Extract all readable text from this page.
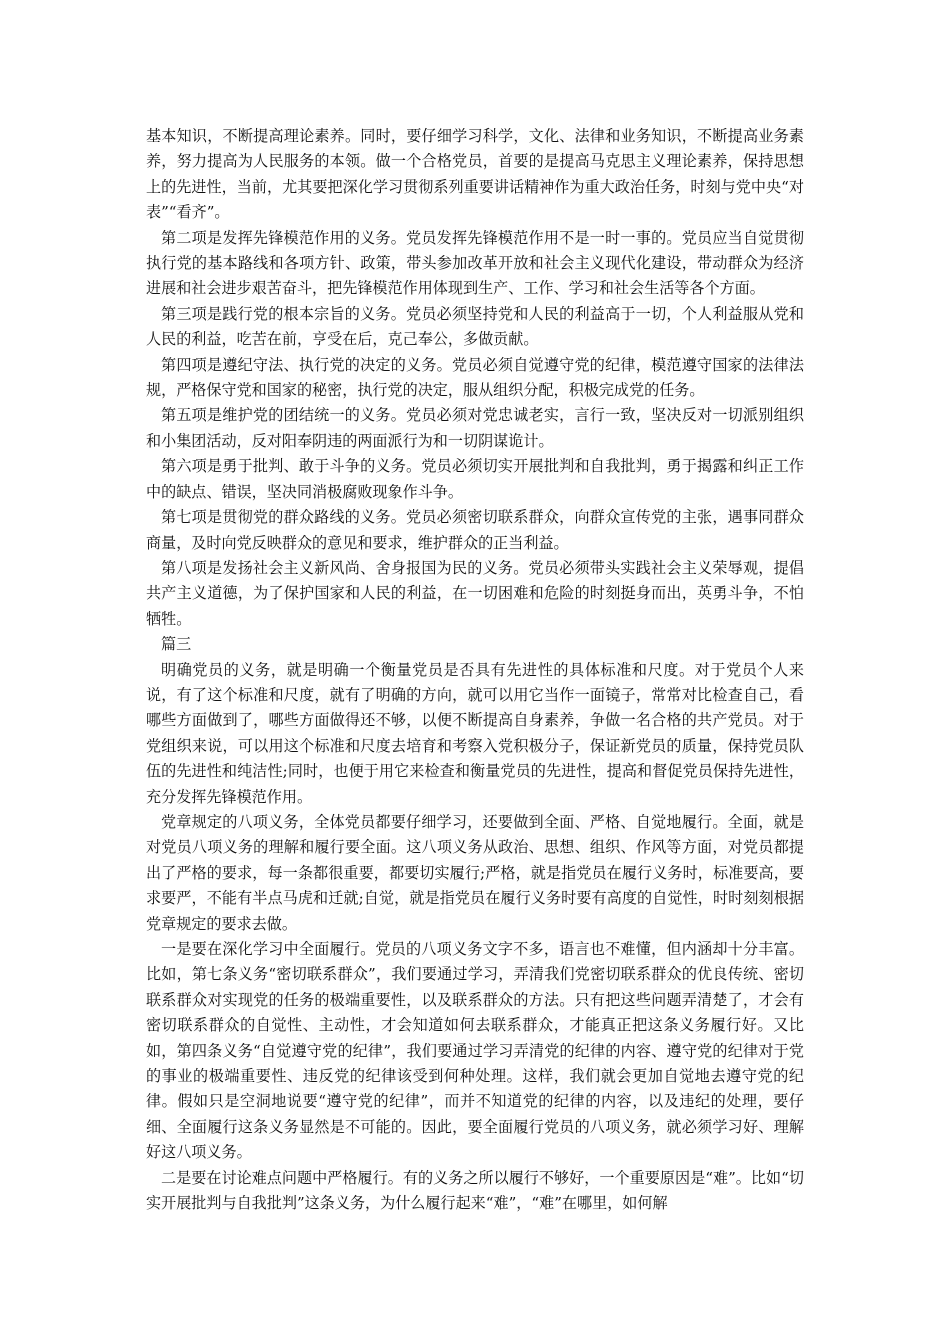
基本知识，不断提高理论素养。同时，要仔细学习科学，文化、法律和业务知识，不断提高业务素养，努力提高为人民服务的本领。做一个合格党员，首要的是提高马克思主义理论素养，保持思想上的先进性，当前，尤其要把深化学习贯彻系列重要讲话精神作为重大政治任务，时刻与党中央“对表”“看齐”。

第二项是发挥先锋模范作用的义务。党员发挥先锋模范作用不是一时一事的。党员应当自觉贯彻执行党的基本路线和各项方针、政策，带头参加改革开放和社会主义现代化建设，带动群众为经济进展和社会进步艰苦奋斗，把先锋模范作用体现到生产、工作、学习和社会生活等各个方面。

第三项是践行党的根本宗旨的义务。党员必须坚持党和人民的利益高于一切，个人利益服从党和人民的利益，吃苦在前，亨受在后，克己奉公，多做贡献。

第四项是遵纪守法、执行党的决定的义务。党员必须自觉遵守党的纪律，模范遵守国家的法律法规，严格保守党和国家的秘密，执行党的决定，服从组织分配，积极完成党的任务。

第五项是维护党的团结统一的义务。党员必须对党忠诚老实，言行一致，坚决反对一切派别组织和小集团活动，反对阳奉阴违的两面派行为和一切阴谋诡计。

第六项是勇于批判、敢于斗争的义务。党员必须切实开展批判和自我批判，勇于揭露和纠正工作中的缺点、错误，坚决同消极腐败现象作斗争。

第七项是贯彻党的群众路线的义务。党员必须密切联系群众，向群众宣传党的主张，遇事同群众商量，及时向党反映群众的意见和要求，维护群众的正当利益。

第八项是发扬社会主义新风尚、舍身报国为民的义务。党员必须带头实践社会主义荣辱观，提倡共产主义道德，为了保护国家和人民的利益，在一切困难和危险的时刻挺身而出，英勇斗争，不怕牺牲。

篇三

明确党员的义务，就是明确一个衡量党员是否具有先进性的具体标准和尺度。对于党员个人来说，有了这个标准和尺度，就有了明确的方向，就可以用它当作一面镜子，常常对比检查自己，看哪些方面做到了，哪些方面做得还不够，以便不断提高自身素养，争做一名合格的共产党员。对于党组织来说，可以用这个标准和尺度去培育和考察入党积极分子，保证新党员的质量，保持党员队伍的先进性和纯洁性;同时，也便于用它来检查和衡量党员的先进性，提高和督促党员保持先进性，充分发挥先锋模范作用。

党章规定的八项义务，全体党员都要仔细学习，还要做到全面、严格、自觉地履行。全面，就是对党员八项义务的理解和履行要全面。这八项义务从政治、思想、组织、作风等方面，对党员都提出了严格的要求，每一条都很重要，都要切实履行;严格，就是指党员在履行义务时，标准要高，要求要严，不能有半点马虎和迁就;自觉，就是指党员在履行义务时要有高度的自觉性，时时刻刻根据党章规定的要求去做。

一是要在深化学习中全面履行。党员的八项义务文字不多，语言也不难懂，但内涵却十分丰富。比如，第七条义务“密切联系群众”，我们要通过学习，弄清我们党密切联系群众的优良传统、密切联系群众对实现党的任务的极端重要性，以及联系群众的方法。只有把这些问题弄清楚了，才会有密切联系群众的自觉性、主动性，才会知道如何去联系群众，才能真正把这条义务履行好。又比如，第四条义务“自觉遵守党的纪律”，我们要通过学习弄清党的纪律的内容、遵守党的纪律对于党的事业的极端重要性、违反党的纪律该受到何种处理。这样，我们就会更加自觉地去遵守党的纪律。假如只是空洞地说要“遵守党的纪律”，而并不知道党的纪律的内容，以及违纪的处理，要仔细、全面履行这条义务显然是不可能的。因此，要全面履行党员的八项义务，就必须学习好、理解好这八项义务。

二是要在讨论难点问题中严格履行。有的义务之所以履行不够好，一个重要原因是“难”。比如“切实开展批判与自我批判”这条义务，为什么履行起来“难”，“难”在哪里，如何解
